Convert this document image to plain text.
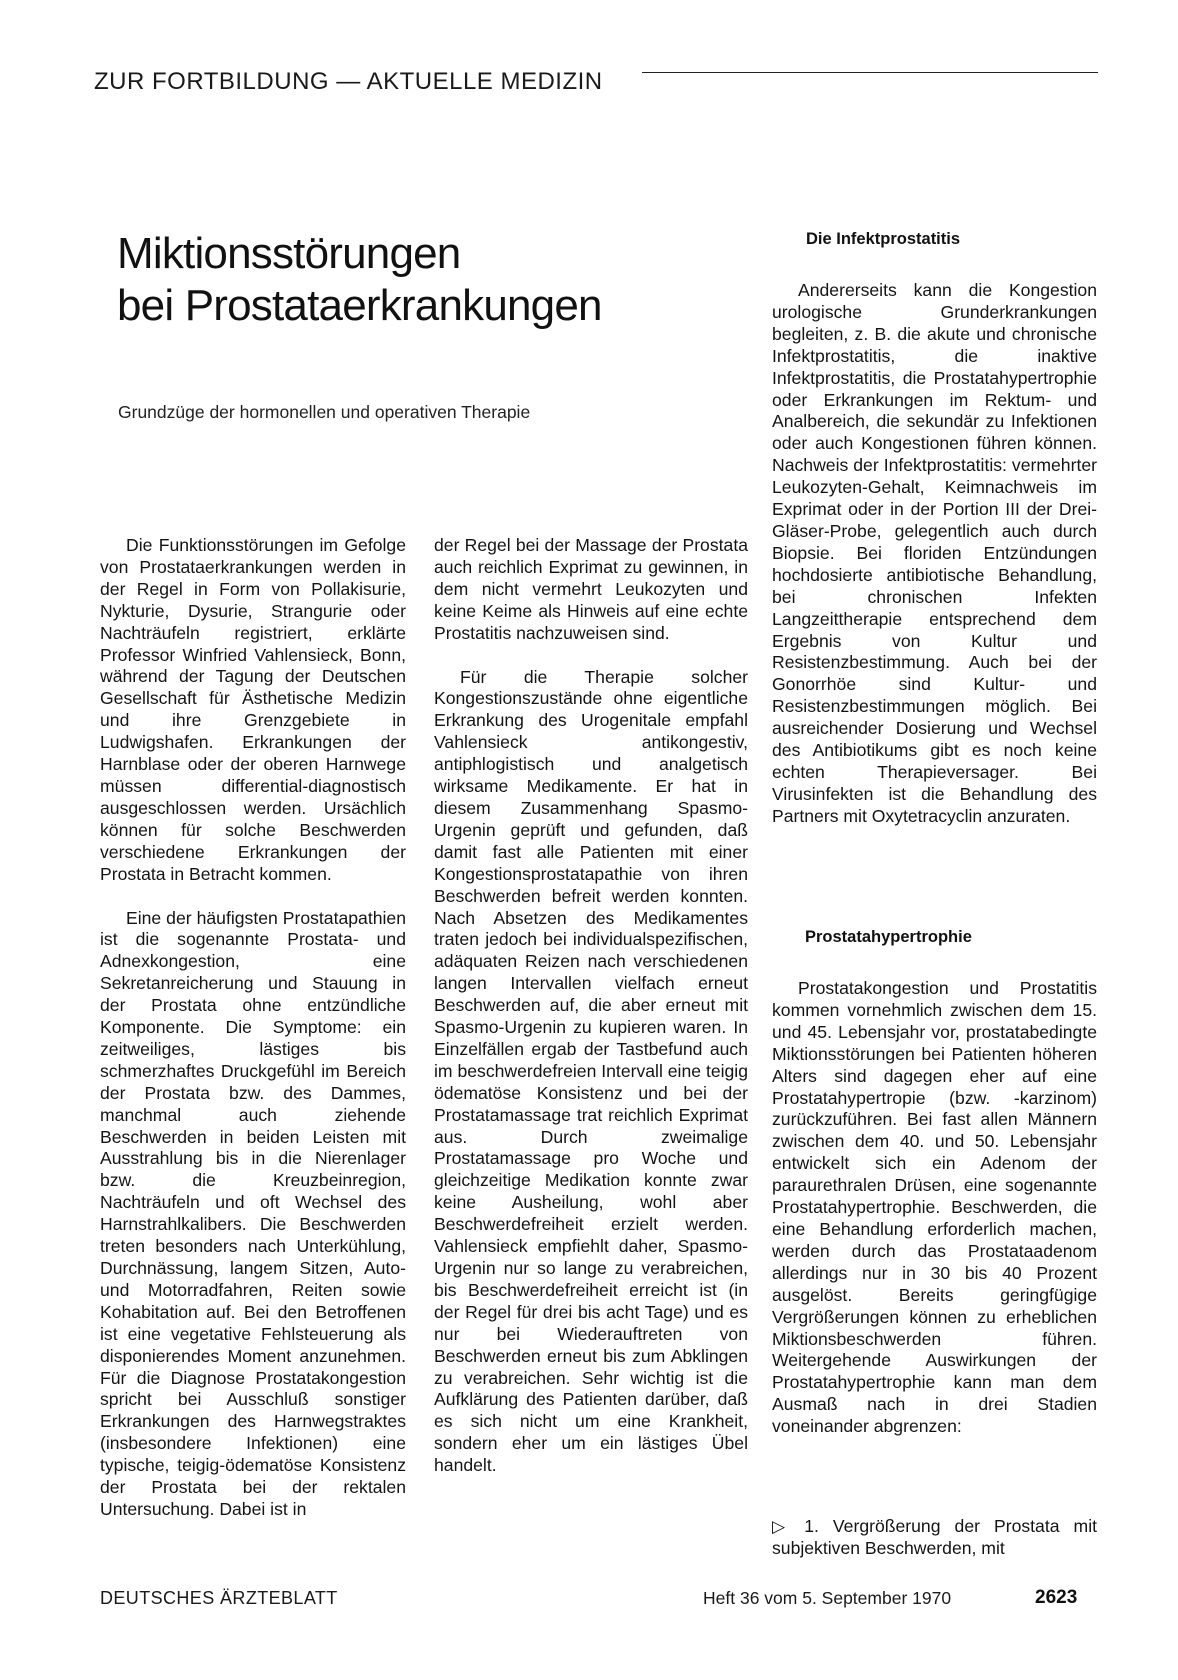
ZUR FORTBILDUNG — AKTUELLE MEDIZIN
Miktionsstörungen
bei Prostataerkrankungen
Grundzüge der hormonellen und operativen Therapie

Die Funktionsstörungen im Gefolge von Prostataerkrankungen werden in der Regel in Form von Pollakisurie, Nykturie, Dysurie, Strangurie oder Nachträufeln registriert, erklärte Professor Winfried Vahlensieck, Bonn, während der Tagung der Deutschen Gesellschaft für Ästhetische Medizin und ihre Grenzgebiete in Ludwigshafen. Erkrankungen der Harnblase oder der oberen Harnwege müssen differential-diagnostisch ausgeschlossen werden. Ursächlich können für solche Beschwerden verschiedene Erkrankungen der Prostata in Betracht kommen.

Eine der häufigsten Prostatapathien ist die sogenannte Prostata- und Adnexkongestion, eine Sekretanreicherung und Stauung in der Prostata ohne entzündliche Komponente. Die Symptome: ein zeitweiliges, lästiges bis schmerzhaftes Druckgefühl im Bereich der Prostata bzw. des Dammes, manchmal auch ziehende Beschwerden in beiden Leisten mit Ausstrahlung bis in die Nierenlager bzw. die Kreuzbeinregion, Nachträufeln und oft Wechsel des Harnstrahlkalibers. Die Beschwerden treten besonders nach Unterkühlung, Durchnässung, langem Sitzen, Auto- und Motorradfahren, Reiten sowie Kohabitation auf. Bei den Betroffenen ist eine vegetative Fehlsteuerung als disponierendes Moment anzunehmen. Für die Diagnose Prostatakongestion spricht bei Ausschluß sonstiger Erkrankungen des Harnwegstraktes (insbesondere Infektionen) eine typische, teigig-ödematöse Konsistenz der Prostata bei der rektalen Untersuchung. Dabei ist in

der Regel bei der Massage der Prostata auch reichlich Exprimat zu gewinnen, in dem nicht vermehrt Leukozyten und keine Keime als Hinweis auf eine echte Prostatitis nachzuweisen sind.

Für die Therapie solcher Kongestionszustände ohne eigentliche Erkrankung des Urogenitale empfahl Vahlensieck antikongestiv, antiphlogistisch und analgetisch wirksame Medikamente. Er hat in diesem Zusammenhang Spasmo-Urgenin geprüft und gefunden, daß damit fast alle Patienten mit einer Kongestionsprostatapathie von ihren Beschwerden befreit werden konnten. Nach Absetzen des Medikamentes traten jedoch bei individualspezifischen, adäquaten Reizen nach verschiedenen langen Intervallen vielfach erneut Beschwerden auf, die aber erneut mit Spasmo-Urgenin zu kupieren waren. In Einzelfällen ergab der Tastbefund auch im beschwerdefreien Intervall eine teigig ödematöse Konsistenz und bei der Prostatamassage trat reichlich Exprimat aus. Durch zweimalige Prostatamassage pro Woche und gleichzeitige Medikation konnte zwar keine Ausheilung, wohl aber Beschwerdefreiheit erzielt werden. Vahlensieck empfiehlt daher, Spasmo-Urgenin nur so lange zu verabreichen, bis Beschwerdefreiheit erreicht ist (in der Regel für drei bis acht Tage) und es nur bei Wiederauftreten von Beschwerden erneut bis zum Abklingen zu verabreichen. Sehr wichtig ist die Aufklärung des Patienten darüber, daß es sich nicht um eine Krankheit, sondern eher um ein lästiges Übel handelt.

Die Infektprostatitis

Andererseits kann die Kongestion urologische Grunderkrankungen begleiten, z. B. die akute und chronische Infektprostatitis, die inaktive Infektprostatitis, die Prostatahypertrophie oder Erkrankungen im Rektum- und Analbereich, die sekundär zu Infektionen oder auch Kongestionen führen können. Nachweis der Infektprostatitis: vermehrter Leukozyten-Gehalt, Keimnachweis im Exprimat oder in der Portion III der Drei-Gläser-Probe, gelegentlich auch durch Biopsie. Bei floriden Entzündungen hochdosierte antibiotische Behandlung, bei chronischen Infekten Langzeittherapie entsprechend dem Ergebnis von Kultur und Resistenzbestimmung. Auch bei der Gonorrhöe sind Kultur- und Resistenzbestimmungen möglich. Bei ausreichender Dosierung und Wechsel des Antibiotikums gibt es noch keine echten Therapieversager. Bei Virusinfekten ist die Behandlung des Partners mit Oxytetracyclin anzuraten.

Prostatahypertrophie

Prostatakongestion und Prostatitis kommen vornehmlich zwischen dem 15. und 45. Lebensjahr vor, prostatabedingte Miktionsstörungen bei Patienten höheren Alters sind dagegen eher auf eine Prostatahypertropie (bzw. -karzinom) zurückzuführen. Bei fast allen Männern zwischen dem 40. und 50. Lebensjahr entwickelt sich ein Adenom der paraurethralen Drüsen, eine sogenannte Prostatahypertrophie. Beschwerden, die eine Behandlung erforderlich machen, werden durch das Prostataadenom allerdings nur in 30 bis 40 Prozent ausgelöst. Bereits geringfügige Vergrößerungen können zu erheblichen Miktionsbeschwerden führen. Weitergehende Auswirkungen der Prostatahypertrophie kann man dem Ausmaß nach in drei Stadien voneinander abgrenzen:

▷ 1. Vergrößerung der Prostata mit subjektiven Beschwerden, mit
DEUTSCHES ÄRZTEBLATT	Heft 36 vom 5. September 1970	2623
